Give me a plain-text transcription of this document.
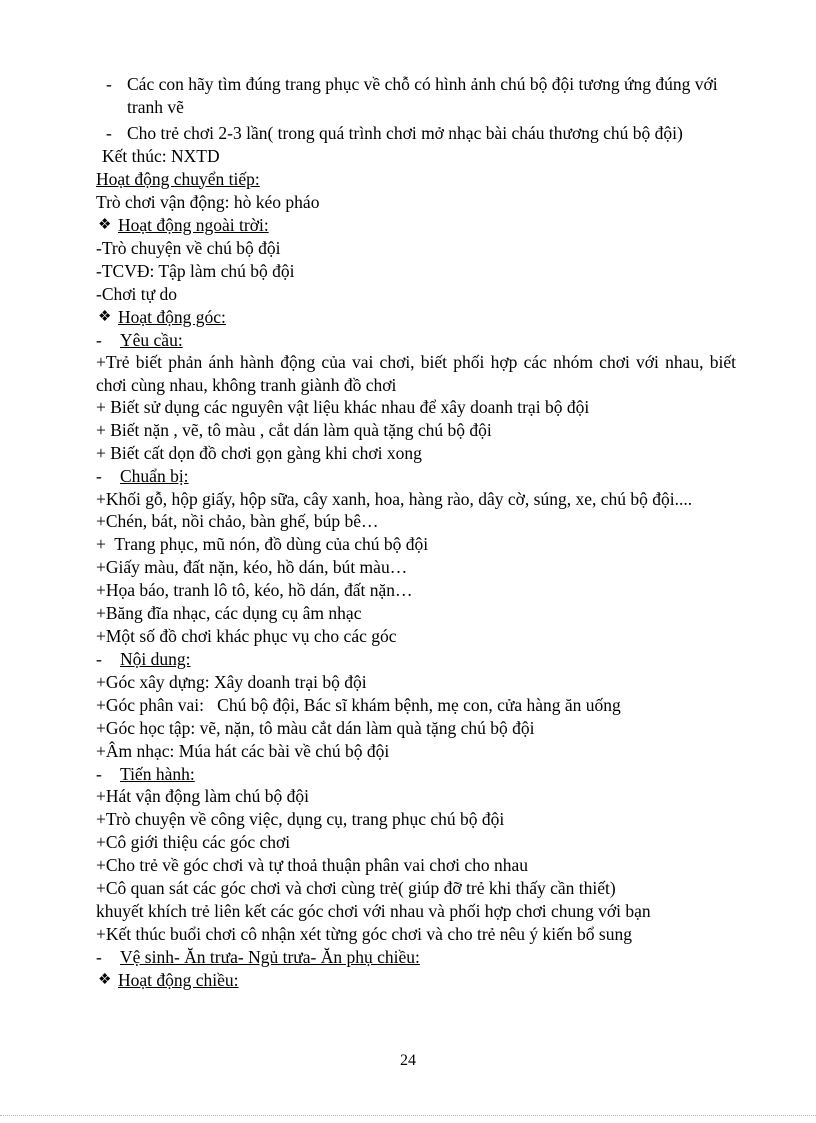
- Các con hãy tìm đúng trang phục về chỗ có hình ảnh chú bộ đội tương ứng đúng với tranh vẽ
- Cho trẻ chơi 2-3 lần( trong quá trình chơi mở nhạc bài cháu thương chú bộ đội)
Kết thúc: NXTD
Hoạt động chuyển tiếp:
Trò chơi vận động: hò kéo pháo
❖ Hoạt động ngoài trời:
-Trò chuyện về chú bộ đội
-TCVĐ: Tập làm chú bộ đội
-Chơi tự do
❖ Hoạt động góc:
- Yêu cầu:
+Trẻ biết phản ánh hành động của vai chơi, biết phối hợp các nhóm chơi với nhau, biết chơi cùng nhau, không tranh giành đồ chơi
+ Biết sử dụng các nguyên vật liệu khác nhau để xây doanh trại bộ đội
+ Biết nặn , vẽ, tô màu , cắt dán làm quà tặng chú bộ đội
+ Biết cất dọn đồ chơi gọn gàng khi chơi xong
- Chuẩn bị:
+Khối gỗ, hộp giấy, hộp sữa, cây xanh, hoa, hàng rào, dây cờ, súng, xe, chú bộ đội....
+Chén, bát, nồi chảo, bàn ghế, búp bê…
+  Trang phục, mũ nón, đồ dùng của chú bộ đội
+Giấy màu, đất nặn, kéo, hồ dán, bút màu…
+Họa báo, tranh lô tô, kéo, hồ dán, đất nặn…
+Băng đĩa nhạc, các dụng cụ âm nhạc
+Một số đồ chơi khác phục vụ cho các góc
- Nội dung:
+Góc xây dựng: Xây doanh trại bộ đội
+Góc phân vai:   Chú bộ đội, Bác sĩ khám bệnh, mẹ con, cửa hàng ăn uống
+Góc học tập: vẽ, nặn, tô màu cắt dán làm quà tặng chú bộ đội
+Âm nhạc: Múa hát các bài về chú bộ đội
- Tiến hành:
+Hát vận động làm chú bộ đội
+Trò chuyện về công việc, dụng cụ, trang phục chú bộ đội
+Cô giới thiệu các góc chơi
+Cho trẻ về góc chơi và tự thoả thuận phân vai chơi cho nhau
+Cô quan sát các góc chơi và chơi cùng trẻ( giúp đỡ trẻ khi thấy cần thiết)
khuyết khích trẻ liên kết các góc chơi với nhau và phối hợp chơi chung với bạn
+Kết thúc buổi chơi cô nhận xét từng góc chơi và cho trẻ nêu ý kiến bổ sung
- Vệ sinh- Ăn trưa- Ngủ trưa- Ăn phụ chiều:
❖ Hoạt động chiều:
24
